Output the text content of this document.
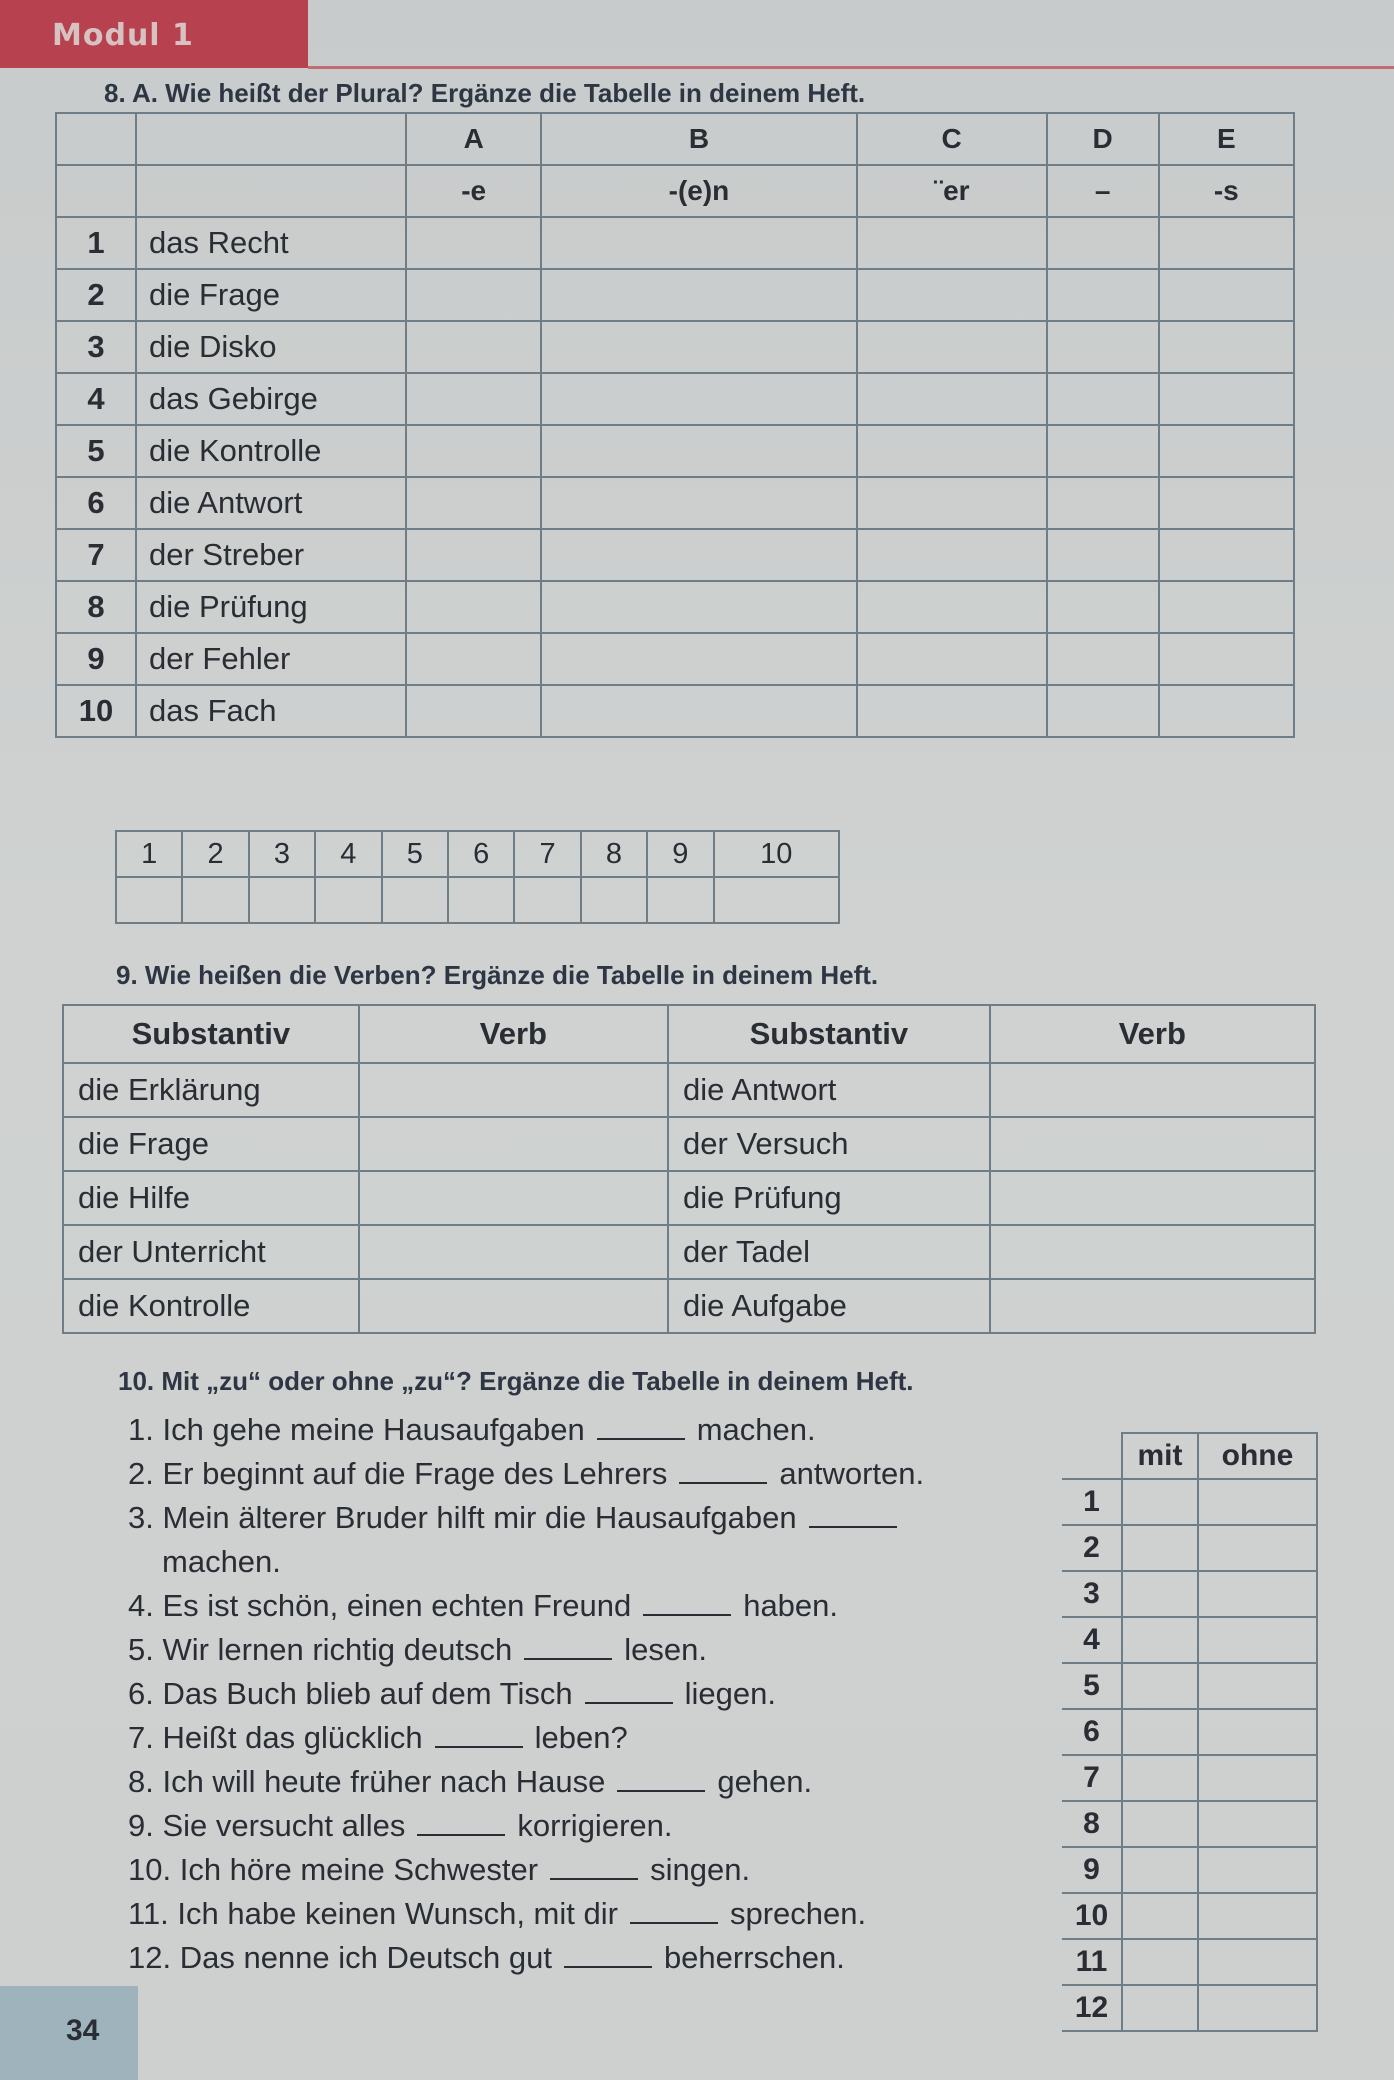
Modul 1
8. A. Wie heißt der Plural? Ergänze die Tabelle in deinem Heft.
		A	B	C	D	E
		-e	-(e)n	¨er	–	-s
1	das Recht					
2	die Frage					
3	die Disko					
4	das Gebirge					
5	die Kontrolle					
6	die Antwort					
7	der Streber					
8	die Prüfung					
9	der Fehler					
10	das Fach					
1	2	3	4	5	6	7	8	9	10

9. Wie heißen die Verben? Ergänze die Tabelle in deinem Heft.
Substantiv	Verb	Substantiv	Verb
die Erklärung		die Antwort	
die Frage		der Versuch	
die Hilfe		die Prüfung	
der Unterricht		der Tadel	
die Kontrolle		die Aufgabe	
10. Mit „zu“ oder ohne „zu“? Ergänze die Tabelle in deinem Heft.
1. Ich gehe meine Hausaufgaben	machen.
2. Er beginnt auf die Frage des Lehrers	antworten.
3. Mein älterer Bruder hilft mir die Hausaufgaben
machen.
4. Es ist schön, einen echten Freund	haben.
5. Wir lernen richtig deutsch	lesen.
6. Das Buch blieb auf dem Tisch	liegen.
7. Heißt das glücklich	leben?
8. Ich will heute früher nach Hause	gehen.
9. Sie versucht alles	korrigieren.
10. Ich höre meine Schwester	singen.
11. Ich habe keinen Wunsch, mit dir	sprechen.
12. Das nenne ich Deutsch gut	beherrschen.
	mit	ohne
1		
2		
3		
4		
5		
6		
7		
8		
9		
10		
11		
12		
34
